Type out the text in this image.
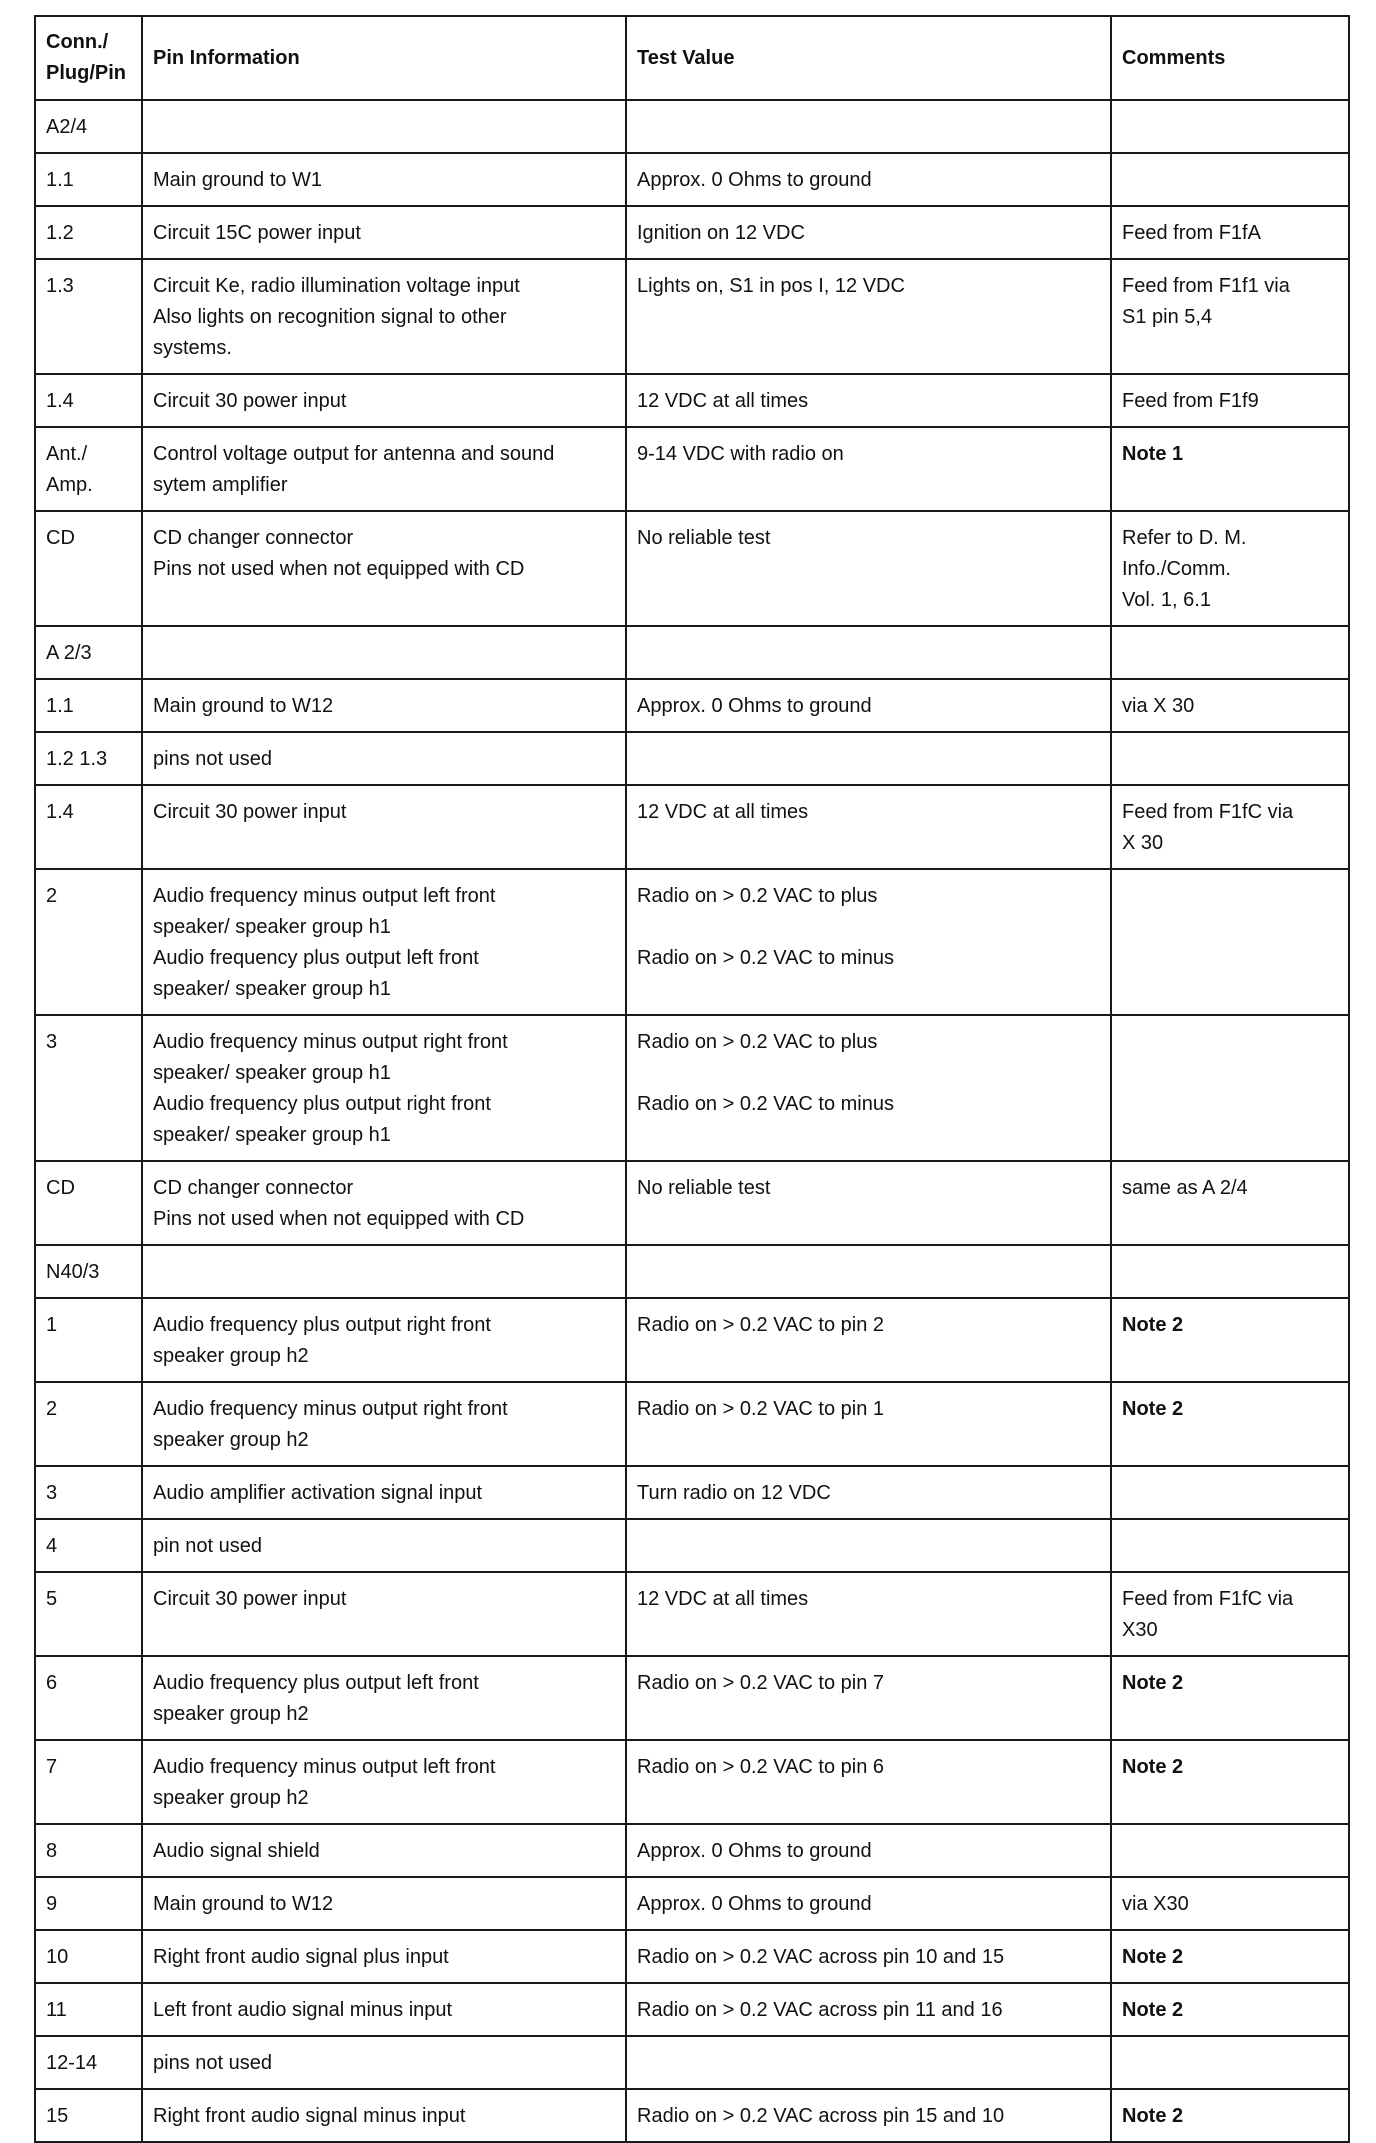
Conn./
Plug/Pin	Pin Information	Test Value	Comments

A2/4			

1.1	Main ground to W1	Approx. 0 Ohms to ground	

1.2	Circuit 15C power input	Ignition on 12 VDC	Feed from F1fA

1.3	Circuit Ke, radio illumination voltage input
Also lights on recognition signal to other
systems.	Lights on, S1 in pos I, 12 VDC	Feed from F1f1 via
S1 pin 5,4

1.4	Circuit 30 power input	12 VDC at all times	Feed from F1f9

Ant./
Amp.	Control voltage output for antenna and sound
sytem amplifier	9-14 VDC with radio on	Note 1

CD	CD changer connector
Pins not used when not equipped with CD	No reliable test	Refer to D. M.
Info./Comm.
Vol. 1, 6.1

A 2/3			

1.1	Main ground to W12	Approx. 0 Ohms to ground	via X 30

1.2 1.3	pins not used		

1.4	Circuit 30 power input	12 VDC at all times	Feed from F1fC via
X 30

2	Audio frequency minus output left front
speaker/ speaker group h1
Audio frequency plus output left front
speaker/ speaker group h1	Radio on > 0.2 VAC to plus

Radio on > 0.2 VAC to minus	

3	Audio frequency minus output right front
speaker/ speaker group h1
Audio frequency plus output right front
speaker/ speaker group h1	Radio on > 0.2 VAC to plus

Radio on > 0.2 VAC to minus	

CD	CD changer connector
Pins not used when not equipped with CD	No reliable test	same as A 2/4

N40/3			

1	Audio frequency plus output right front
speaker group h2	Radio on > 0.2 VAC to pin 2	Note 2

2	Audio frequency minus output right front
speaker group h2	Radio on > 0.2 VAC to pin 1	Note 2

3	Audio amplifier activation signal input	Turn radio on 12 VDC	

4	pin not used		

5	Circuit 30 power input	12 VDC at all times	Feed from F1fC via
X30

6	Audio frequency plus output left front
speaker group h2	Radio on > 0.2 VAC to pin 7	Note 2

7	Audio frequency minus output left front
speaker group h2	Radio on > 0.2 VAC to pin 6	Note 2

8	Audio signal shield	Approx. 0 Ohms to ground	

9	Main ground to W12	Approx. 0 Ohms to ground	via X30

10	Right front audio signal plus input	Radio on > 0.2 VAC across pin 10 and 15	Note 2

11	Left front audio signal minus input	Radio on > 0.2 VAC across pin 11 and 16	Note 2

12-14	pins not used		

15	Right front audio signal minus input	Radio on > 0.2 VAC across pin 15 and 10	Note 2
